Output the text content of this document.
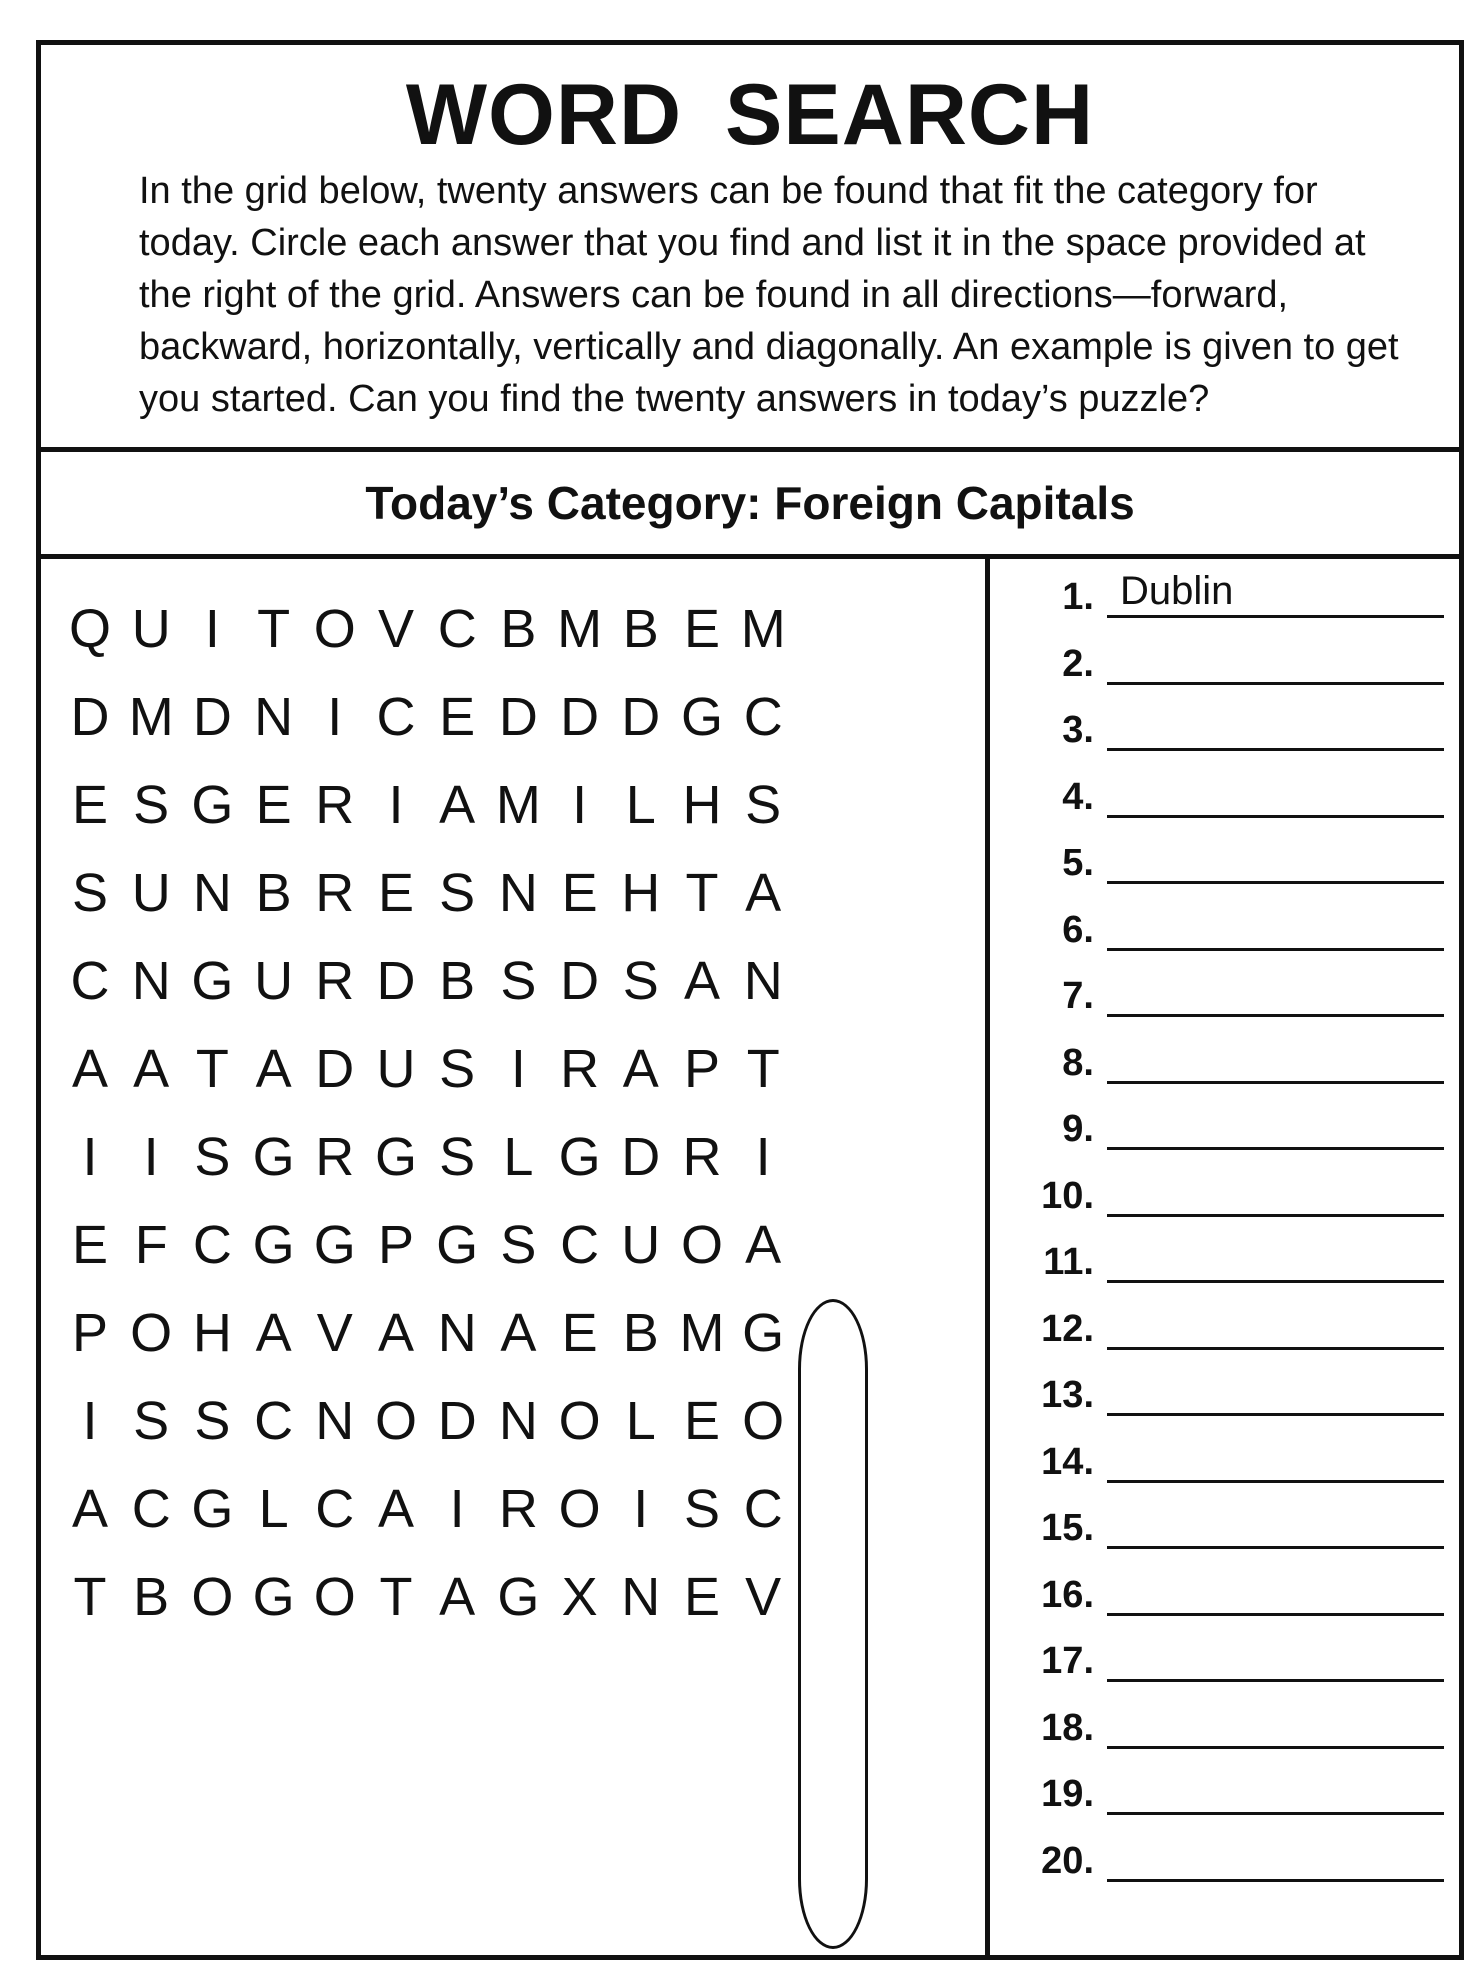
WORD SEARCH

In the grid below, twenty answers can be found that fit the category for today. Circle each answer that you find and list it in the space provided at the right of the grid. Answers can be found in all directions—forward, backward, horizontally, vertically and diagonally. An example is given to get you started. Can you find the twenty answers in today’s puzzle?

Today’s Category: Foreign Capitals
Q U I T O V C B M B E M
D M D N I C E D D D G C
E S G E R I A M I L H S
S U N B R E S N E H T A
C N G U R D B S D S A N
A A T A D U S I R A P T
I I S G R G S L G D R I
E F C G G P G S C U O A
P O H A V A N A E B M G
I S S C N O D N O L E O
A C G L C A I R O I S C
T B O G O T A G X N E V
1. Dublin
2.
3.
4.
5.
6.
7.
8.
9.
10.
11.
12.
13.
14.
15.
16.
17.
18.
19.
20.
